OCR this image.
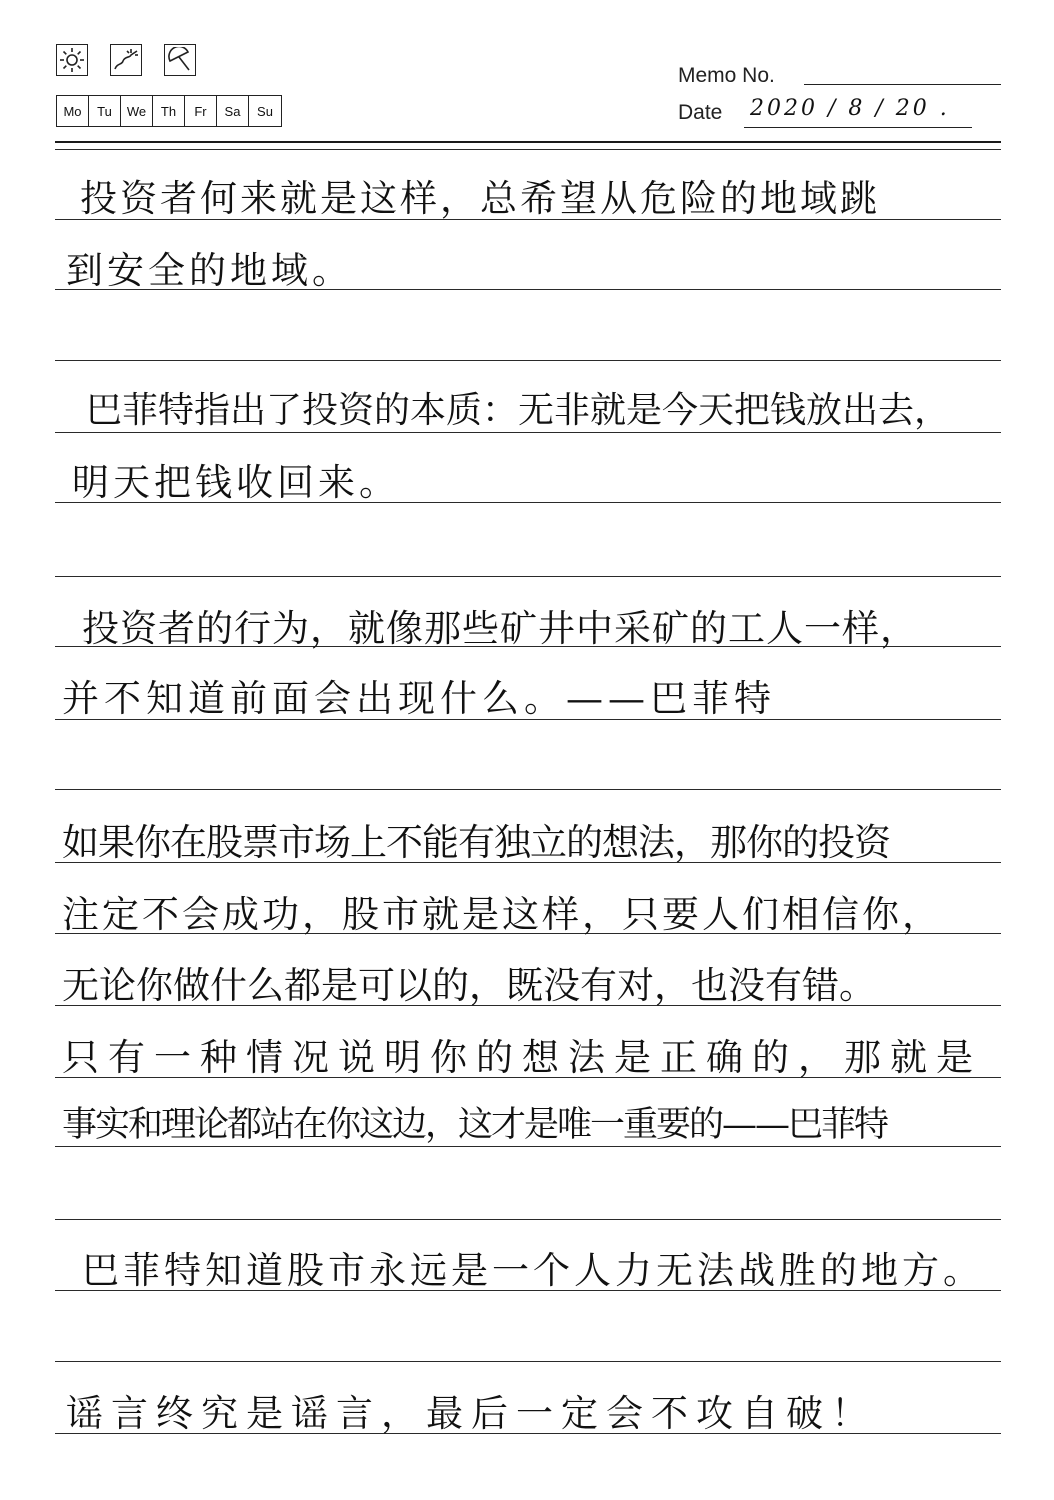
Mo	Tu	We	Th	Fr	Sa	Su
Memo No.
Date 2020 / 8 / 20 .
投资者何来就是这样，总希望从危险的地域跳
到安全的地域。
巴菲特指出了投资的本质：无非就是今天把钱放出去，
明天把钱收回来。
投资者的行为，就像那些矿井中采矿的工人一样，
并不知道前面会出现什么。——巴菲特
如果你在股票市场上不能有独立的想法，那你的投资
注定不会成功，股市就是这样，只要人们相信你，
无论你做什么都是可以的，既没有对，也没有错。
只有一种情况说明你的想法是正确的，那就是
事实和理论都站在你这边，这才是唯一重要的——巴菲特
巴菲特知道股市永远是一个人力无法战胜的地方。
谣言终究是谣言，最后一定会不攻自破！
